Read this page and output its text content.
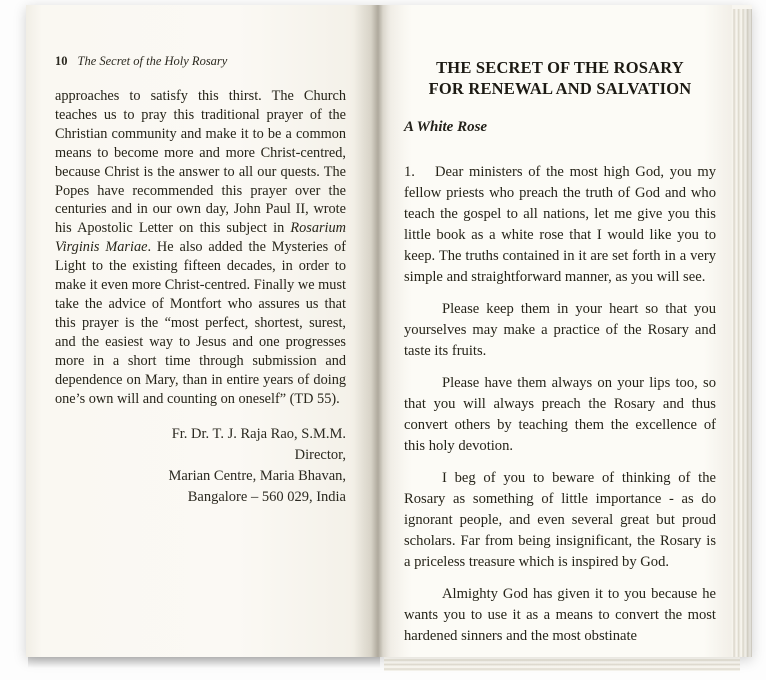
10 The Secret of the Holy Rosary

approaches to satisfy this thirst. The Church teaches us to pray this traditional prayer of the Christian community and make it to be a common means to become more and more Christ-centred, because Christ is the answer to all our quests. The Popes have recommended this prayer over the centuries and in our own day, John Paul II, wrote his Apostolic Letter on this subject in Rosarium Virginis Mariae. He also added the Mysteries of Light to the existing fifteen decades, in order to make it even more Christ-centred. Finally we must take the advice of Montfort who assures us that this prayer is the “most perfect, shortest, surest, and the easiest way to Jesus and one progresses more in a short time through submission and dependence on Mary, than in entire years of doing one’s own will and counting on oneself” (TD 55).

Fr. Dr. T. J. Raja Rao, S.M.M.
Director,
Marian Centre, Maria Bhavan,
Bangalore – 560 029, India
THE SECRET OF THE ROSARY
FOR RENEWAL AND SALVATION
A White Rose

1. Dear ministers of the most high God, you my fellow priests who preach the truth of God and who teach the gospel to all nations, let me give you this little book as a white rose that I would like you to keep. The truths contained in it are set forth in a very simple and straightforward manner, as you will see.

Please keep them in your heart so that you yourselves may make a practice of the Rosary and taste its fruits.

Please have them always on your lips too, so that you will always preach the Rosary and thus convert others by teaching them the excellence of this holy devotion.

I beg of you to beware of thinking of the Rosary as something of little importance - as do ignorant people, and even several great but proud scholars. Far from being insignificant, the Rosary is a priceless treasure which is inspired by God.

Almighty God has given it to you because he wants you to use it as a means to convert the most hardened sinners and the most obstinate
